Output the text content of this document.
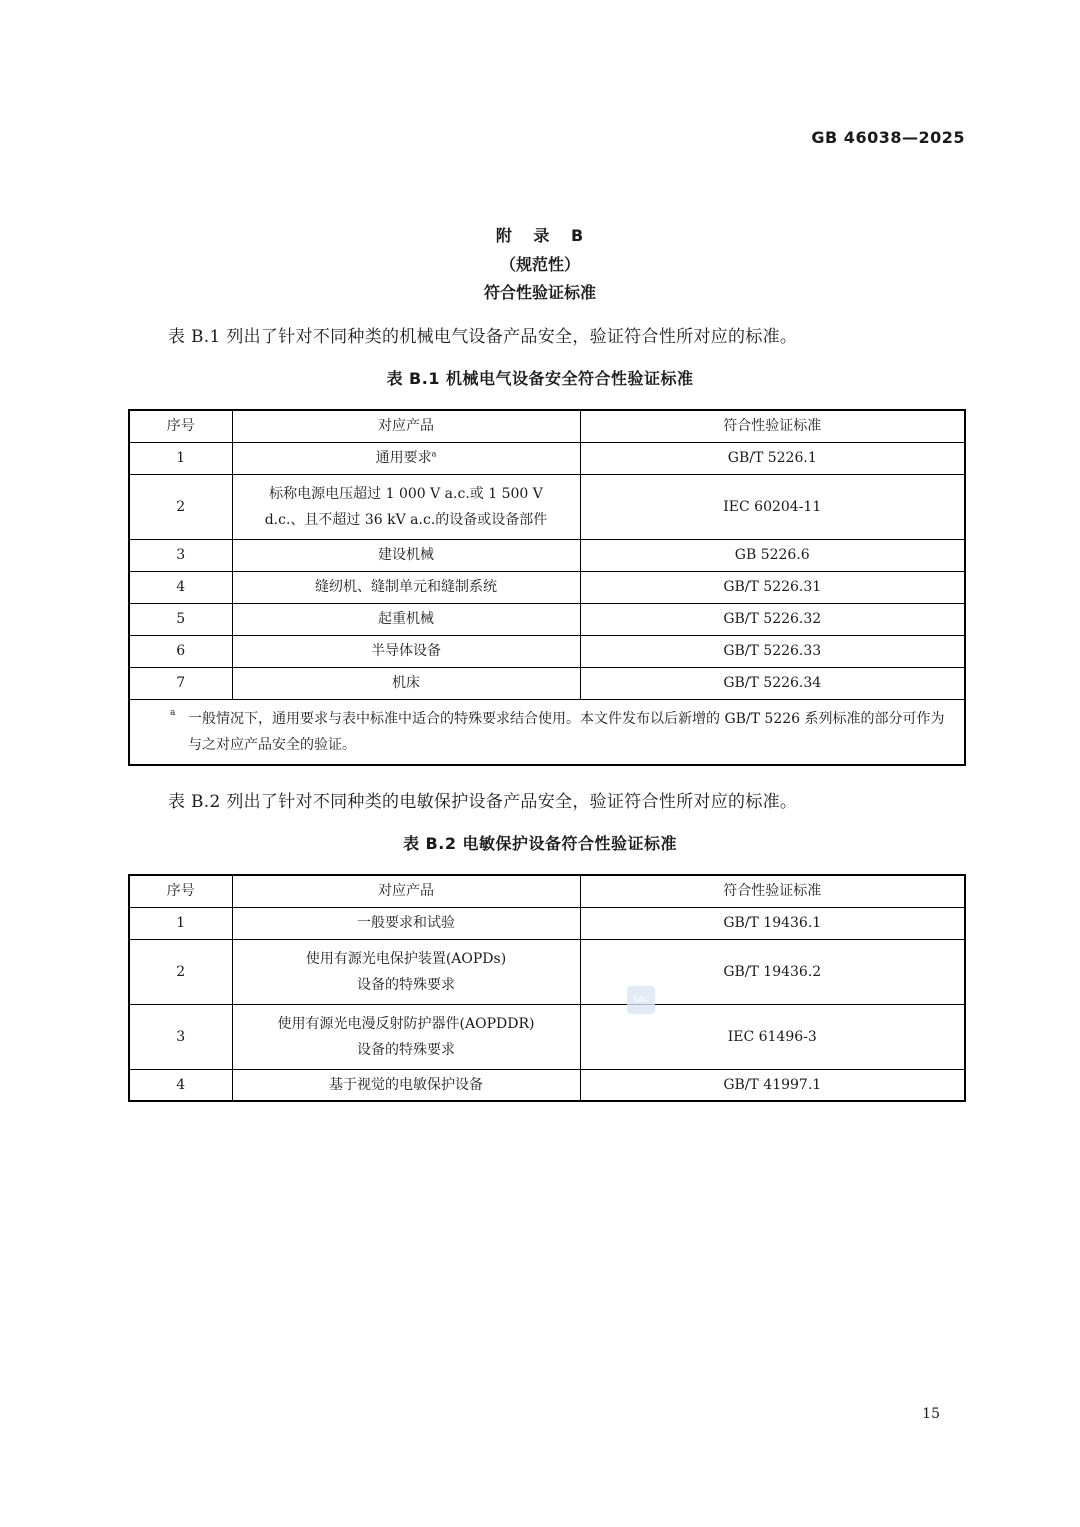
GB 46038—2025
附 录 B
（规范性）
符合性验证标准
表 B.1 列出了针对不同种类的机械电气设备产品安全，验证符合性所对应的标准。
表 B.1 机械电气设备安全符合性验证标准
序号	对应产品	符合性验证标准
1	通用要求$^a$	GB/T 5226.1
2	标称电源电压超过 1 000 V a.c.或 1 500 V
d.c.、且不超过 36 kV a.c.的设备或设备部件	IEC 60204-11
3	建设机械	GB 5226.6
4	缝纫机、缝制单元和缝制系统	GB/T 5226.31
5	起重机械	GB/T 5226.32
6	半导体设备	GB/T 5226.33
7	机床	GB/T 5226.34

a 一般情况下，通用要求与表中标准中适合的特殊要求结合使用。本文件发布以后新增的 GB/T 5226 系列标准的部分可作为与之对应产品安全的验证。		
表 B.2 列出了针对不同种类的电敏保护设备产品安全，验证符合性所对应的标准。
表 B.2 电敏保护设备符合性验证标准
序号	对应产品	符合性验证标准
1	一般要求和试验	GB/T 19436.1
2	使用有源光电保护装置(AOPDs)
设备的特殊要求	GB/T 19436.2
3	使用有源光电漫反射防护器件(AOPDDR)
设备的特殊要求	IEC 61496-3
4	基于视觉的电敏保护设备	GB/T 41997.1
SAC
15
